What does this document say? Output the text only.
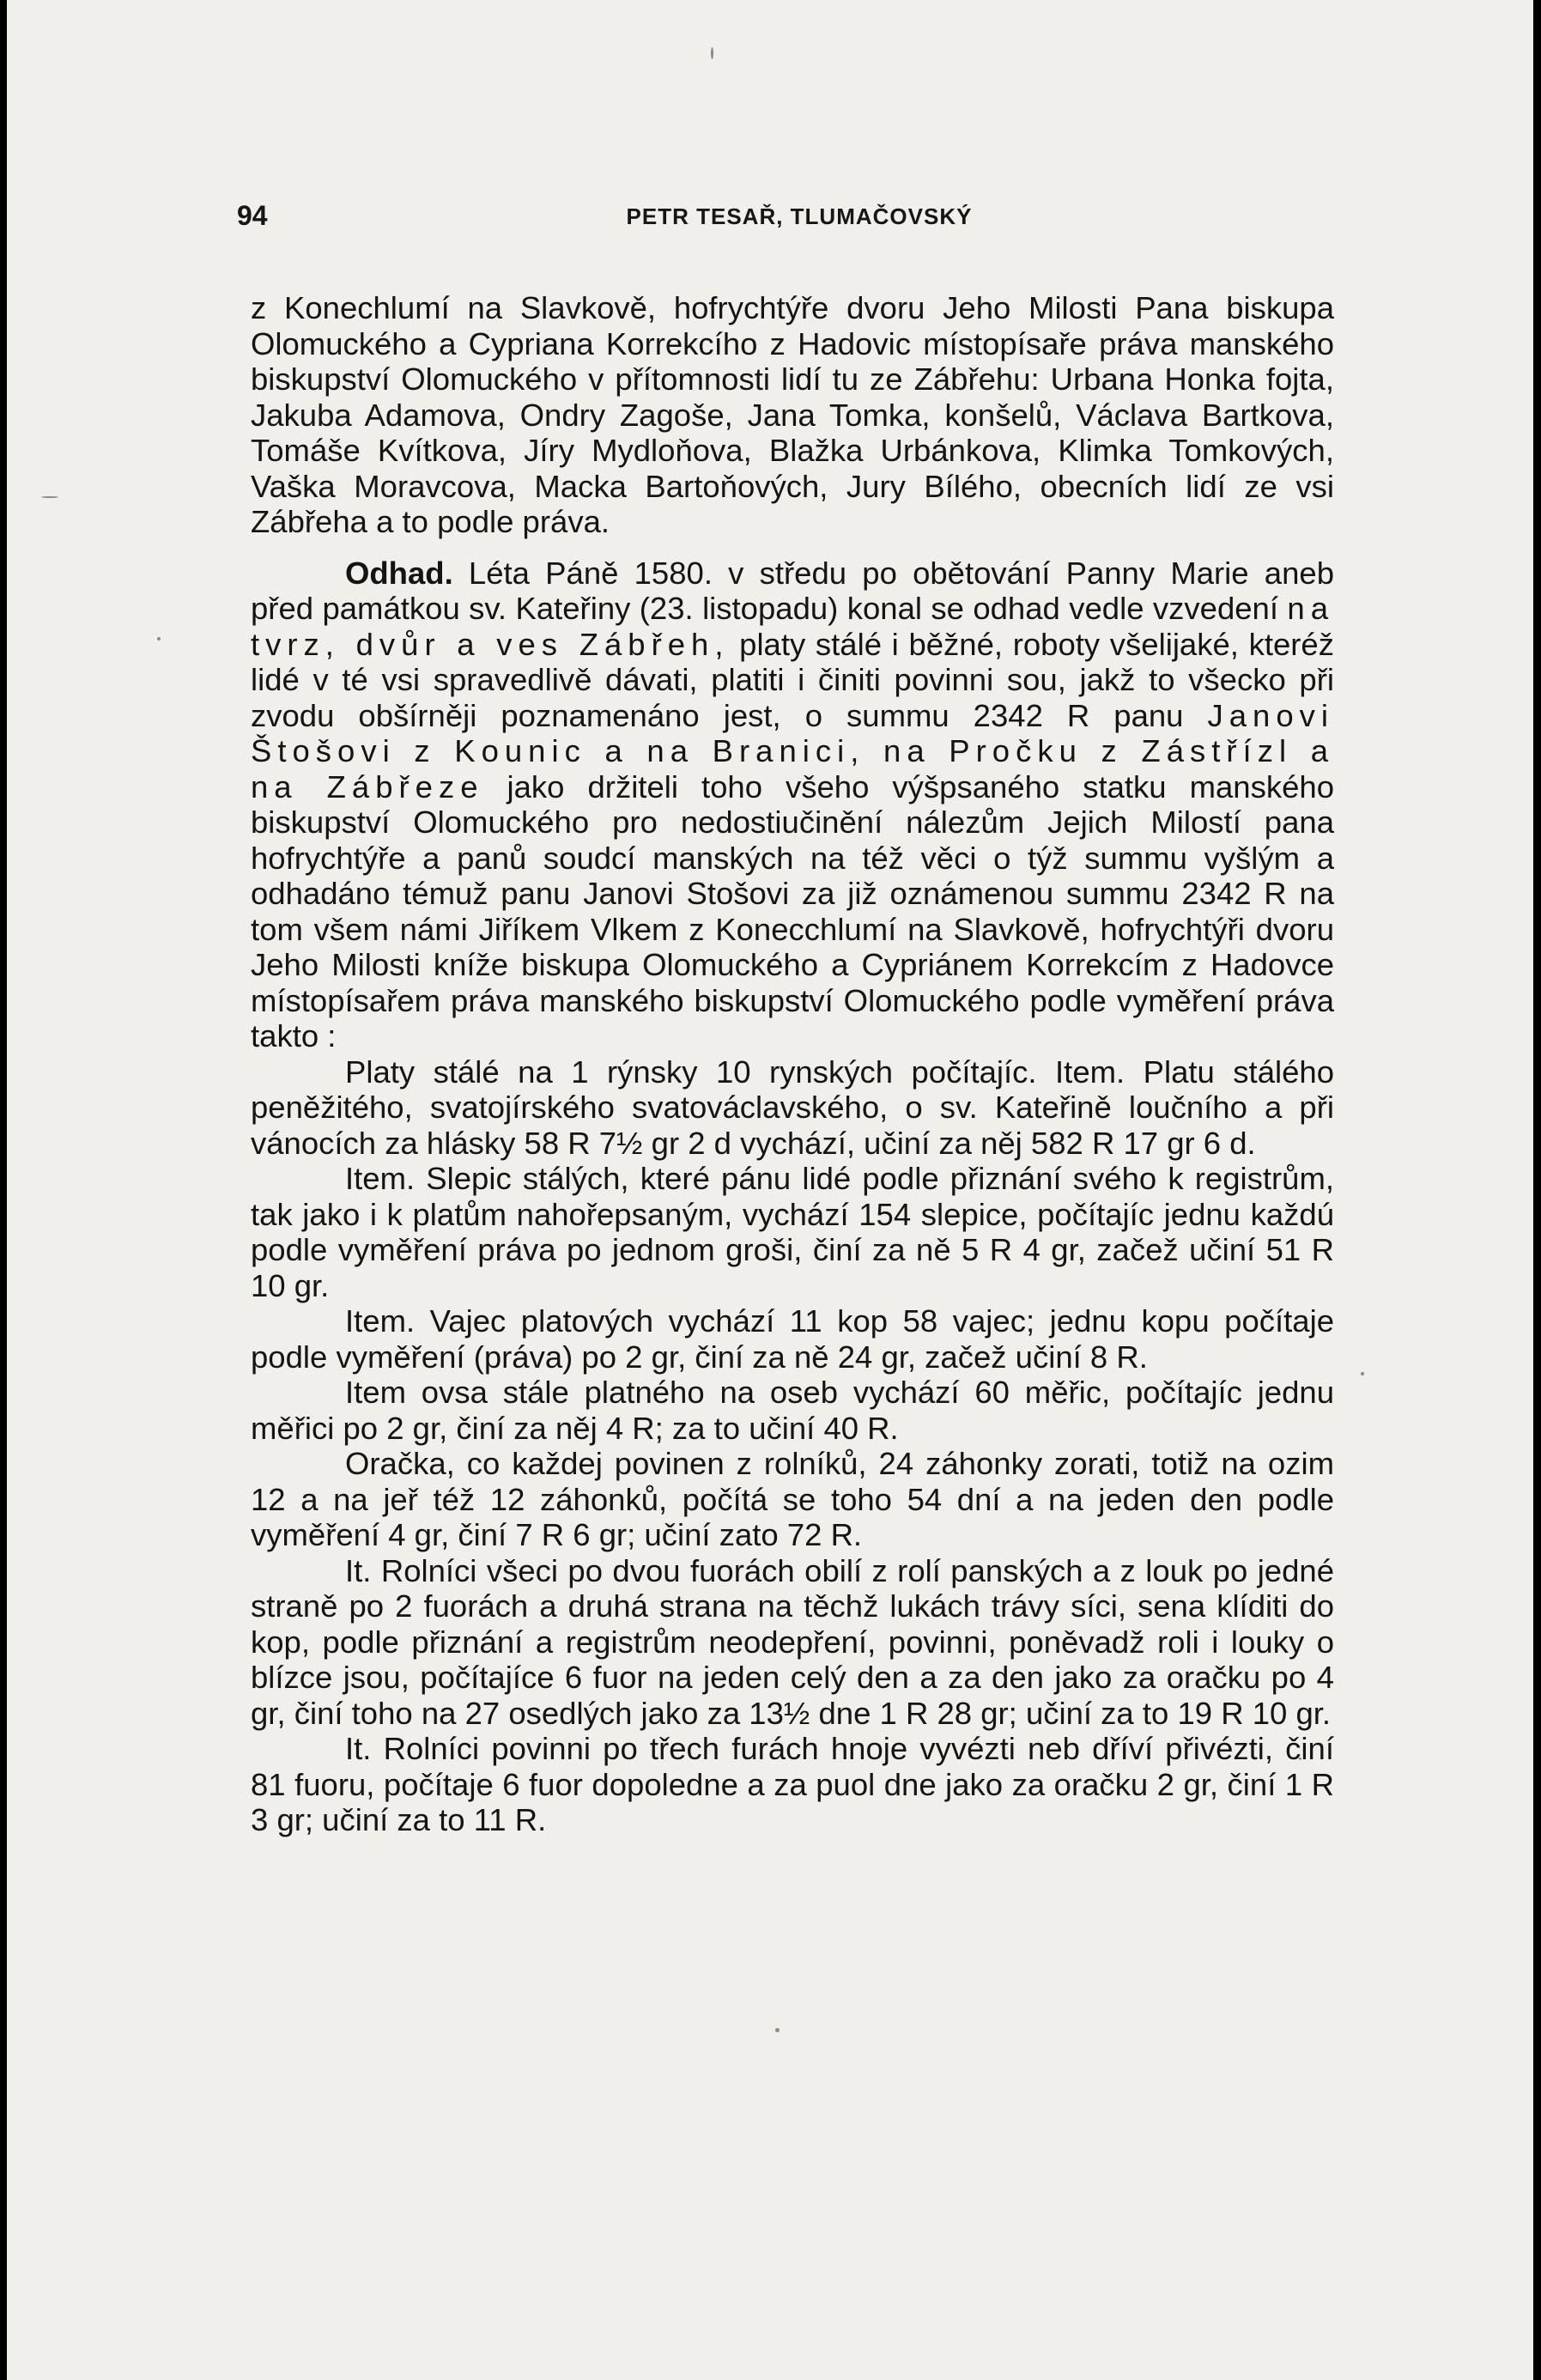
94	PETR TESAŘ, TLUMAČOVSKÝ

z Konechlumí na Slavkově, hofrychtýře dvoru Jeho Milosti Pana biskupa Olomuckého a Cypriana Korrekcího z Hadovic místopísaře práva manského biskupství Olomuckého v přítomnosti lidí tu ze Zábřehu: Urbana Honka fojta, Jakuba Adamova, Ondry Zagoše, Jana Tomka, konšelů, Václava Bartkova, Tomáše Kvítkova, Jíry Mydloňova, Blažka Urbánkova, Klimka Tomkových, Vaška Moravcova, Macka Bartoňových, Jury Bílého, obecních lidí ze vsi Zábřeha a to podle práva.

Odhad. Léta Páně 1580. v středu po obětování Panny Marie aneb před památkou sv. Kateřiny (23. listopadu) konal se odhad vedle vzvedení na tvrz, dvůr a ves Zábřeh, platy stálé i běžné, roboty všelijaké, kteréž lidé v té vsi spravedlivě dávati, platiti i činiti povinni sou, jakž to všecko při zvodu obšírněji poznamenáno jest, o summu 2342 R panu Janovi Štošovi z Kounic a na Branici, na Pročku z Zástřízl a na Zábřeze jako držiteli toho všeho výšpsaného statku manského biskupství Olomuckého pro nedostiučinění nálezům Jejich Milostí pana hofrychtýře a panů soudcí manských na též věci o týž summu vyšlým a odhadáno témuž panu Janovi Stošovi za již oznámenou summu 2342 R na tom všem námi Jiříkem Vlkem z Konecchlumí na Slavkově, hofrychtýři dvoru Jeho Milosti kníže biskupa Olomuckého a Cypriánem Korrekcím z Hadovce místopísařem práva manského biskupství Olomuckého podle vyměření práva takto :

Platy stálé na 1 rýnsky 10 rynských počítajíc. Item. Platu stálého peněžitého, svatojírského svatováclavského, o sv. Kateřině loučního a při vánocích za hlásky 58 R 7½ gr 2 d vychází, učiní za něj 582 R 17 gr 6 d.

Item. Slepic stálých, které pánu lidé podle přiznání svého k registrům, tak jako i k platům nahořepsaným, vychází 154 slepice, počítajíc jednu každú podle vyměření práva po jednom groši, činí za ně 5 R 4 gr, začež učiní 51 R 10 gr.

Item. Vajec platových vychází 11 kop 58 vajec; jednu kopu počítaje podle vyměření (práva) po 2 gr, činí za ně 24 gr, začež učiní 8 R.

Item ovsa stále platného na oseb vychází 60 měřic, počítajíc jednu měřici po 2 gr, činí za něj 4 R; za to učiní 40 R.

Oračka, co každej povinen z rolníků, 24 záhonky zorati, totiž na ozim 12 a na jeř též 12 záhonků, počítá se toho 54 dní a na jeden den podle vyměření 4 gr, činí 7 R 6 gr; učiní zato 72 R.

It. Rolníci všeci po dvou fuorách obilí z rolí panských a z louk po jedné straně po 2 fuorách a druhá strana na těchž lukách trávy síci, sena klíditi do kop, podle přiznání a registrům neodepření, povinni, poněvadž roli i louky o blízce jsou, počítajíce 6 fuor na jeden celý den a za den jako za oračku po 4 gr, činí toho na 27 osedlých jako za 13½ dne 1 R 28 gr; učiní za to 19 R 10 gr.

It. Rolníci povinni po třech furách hnoje vyvézti neb dříví přivézti, činí 81 fuoru, počítaje 6 fuor dopoledne a za puol dne jako za oračku 2 gr, činí 1 R 3 gr; učiní za to 11 R.
